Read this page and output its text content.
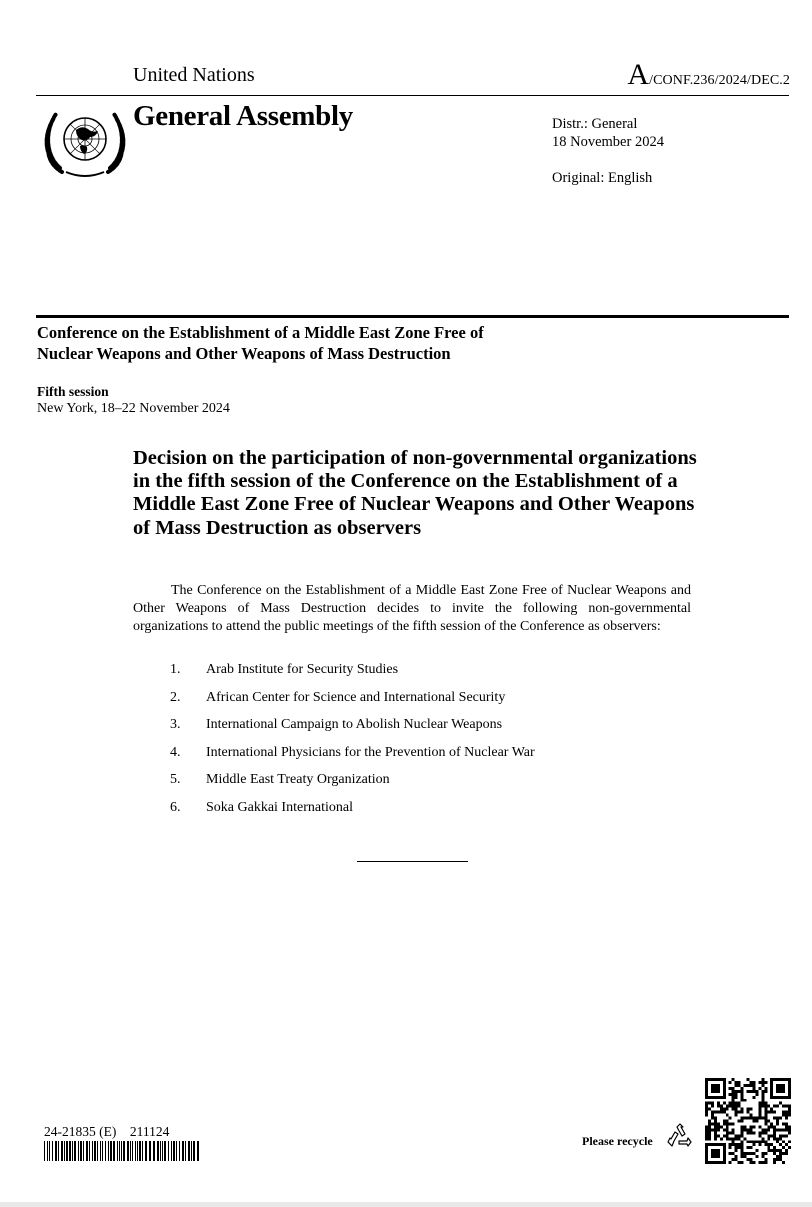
United Nations	A/CONF.236/2024/DEC.2
General Assembly	Distr.: General
18 November 2024
Original: English
Conference on the Establishment of a Middle East Zone Free of Nuclear Weapons and Other Weapons of Mass Destruction
Fifth session
New York, 18–22 November 2024
Decision on the participation of non-governmental organizations in the fifth session of the Conference on the Establishment of a Middle East Zone Free of Nuclear Weapons and Other Weapons of Mass Destruction as observers
The Conference on the Establishment of a Middle East Zone Free of Nuclear Weapons and Other Weapons of Mass Destruction decides to invite the following non-governmental organizations to attend the public meetings of the fifth session of the Conference as observers:
1.	Arab Institute for Security Studies
2.	African Center for Science and International Security
3.	International Campaign to Abolish Nuclear Weapons
4.	International Physicians for the Prevention of Nuclear War
5.	Middle East Treaty Organization
6.	Soka Gakkai International
24-21835 (E)    211124
Please recycle
